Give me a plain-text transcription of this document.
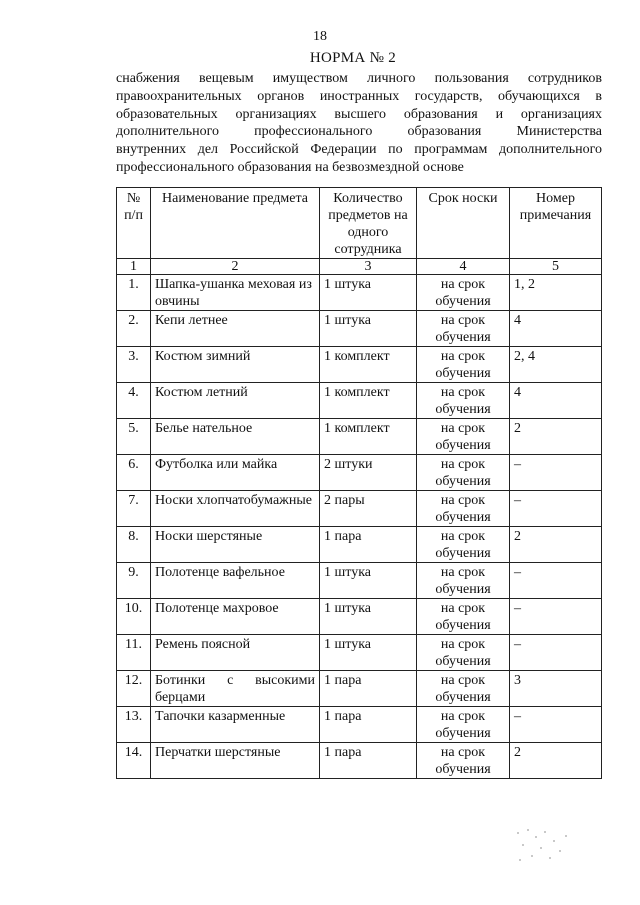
18
НОРМА № 2
снабжения вещевым имуществом личного пользования сотрудников
правоохранительных органов иностранных государств, обучающихся в
образовательных организациях высшего образования и организациях
дополнительного профессионального образования Министерства
внутренних дел Российской Федерации по программам дополнительного
профессионального образования на безвозмездной основе
№ п/п	Наименование предмета	Количество предметов на одного сотрудника	Срок носки	Номер примечания
1	2	3	4	5
1.	Шапка-ушанка меховая из овчины	1 штука	на срок обучения	1, 2
2.	Кепи летнее	1 штука	на срок обучения	4
3.	Костюм зимний	1 комплект	на срок обучения	2, 4
4.	Костюм летний	1 комплект	на срок обучения	4
5.	Белье нательное	1 комплект	на срок обучения	2
6.	Футболка или майка	2 штуки	на срок обучения	–
7.	Носки хлопчатобумажные	2 пары	на срок обучения	–
8.	Носки шерстяные	1 пара	на срок обучения	2
9.	Полотенце вафельное	1 штука	на срок обучения	–
10.	Полотенце махровое	1 штука	на срок обучения	–
11.	Ремень поясной	1 штука	на срок обучения	–
12.	Ботинки с высокими берцами	1 пара	на срок обучения	3
13.	Тапочки казарменные	1 пара	на срок обучения	–
14.	Перчатки шерстяные	1 пара	на срок обучения	2
